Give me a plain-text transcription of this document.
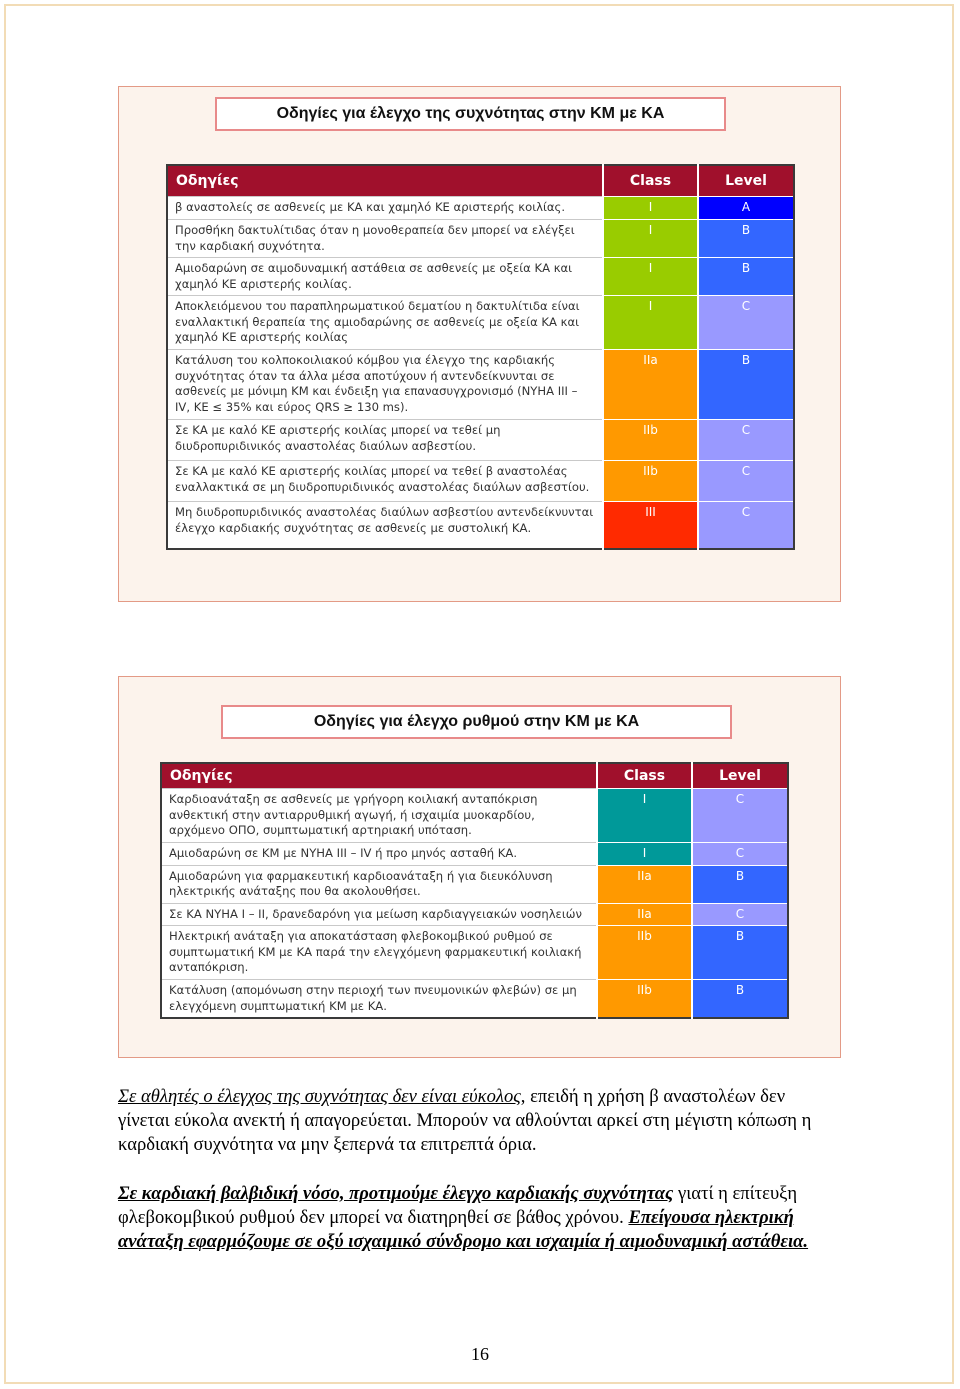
Οδηγίες για έλεγχο της συχνότητας στην ΚΜ με ΚΑ
Οδηγίες	Class	Level
β αναστολείς σε ασθενείς με ΚΑ και χαμηλό ΚΕ αριστερής κοιλίας.	I	A
Προσθήκη δακτυλίτιδας όταν η μονοθεραπεία δεν μπορεί να ελέγξει την καρδιακή συχνότητα.	I	B
Αμιοδαρώνη σε αιμοδυναμική αστάθεια σε ασθενείς με οξεία ΚΑ και χαμηλό ΚΕ αριστερής κοιλίας.	I	B
Αποκλειόμενου του παραπληρωματικού δεματίου η δακτυλίτιδα είναι εναλλακτική θεραπεία της αμιοδαρώνης σε ασθενείς με οξεία ΚΑ και χαμηλό ΚΕ αριστερής κοιλίας	I	C
Κατάλυση του κολποκοιλιακού κόμβου για έλεγχο της καρδιακής συχνότητας όταν τα άλλα μέσα αποτύχουν ή αντενδείκνυνται σε ασθενείς με μόνιμη ΚΜ και ένδειξη για επανασυγχρονισμό (NYHA III – IV, KE ≤ 35% και εύρος QRS ≥ 130 ms).	IIa	B
Σε ΚΑ με καλό ΚΕ αριστερής κοιλίας μπορεί να τεθεί μη διυδροπυριδινικός αναστολέας διαύλων ασβεστίου.	IIb	C
Σε ΚΑ με καλό ΚΕ αριστερής κοιλίας μπορεί να τεθεί β αναστολέας εναλλακτικά σε μη διυδροπυριδινικός αναστολέας διαύλων ασβεστίου.	IIb	C
Μη διυδροπυριδινικός αναστολέας διαύλων ασβεστίου αντενδείκνυνται έλεγχο καρδιακής συχνότητας σε ασθενείς με συστολική ΚΑ.	III	C
Οδηγίες για έλεγχο ρυθμού στην ΚΜ με ΚΑ
Οδηγίες	Class	Level
Καρδιοανάταξη σε ασθενείς με γρήγορη κοιλιακή ανταπόκριση ανθεκτική στην αντιαρρυθμική αγωγή, ή ισχαιμία μυοκαρδίου, αρχόμενο ΟΠΟ, συμπτωματική αρτηριακή υπόταση.	I	C
Αμιοδαρώνη σε ΚΜ με NYHA III – IV ή προ μηνός ασταθή ΚΑ.	I	C
Αμιοδαρώνη για φαρμακευτική καρδιοανάταξη ή για διευκόλυνση ηλεκτρικής ανάταξης που θα ακολουθήσει.	IIa	B
Σε ΚΑ NYHA I – II, δρανεδαρόνη για μείωση καρδιαγγειακών νοσηλειών	IIa	C
Ηλεκτρική ανάταξη για αποκατάσταση φλεβοκομβικού ρυθμού σε συμπτωματική ΚΜ με ΚΑ παρά την ελεγχόμενη φαρμακευτική κοιλιακή ανταπόκριση.	IIb	B
Κατάλυση (απομόνωση στην περιοχή των πνευμονικών φλεβών) σε μη ελεγχόμενη συμπτωματική ΚΜ με ΚΑ.	IIb	B
Σε αθλητές ο έλεγχος της συχνότητας δεν είναι εύκολος, επειδή η χρήση β αναστολέων δεν γίνεται εύκολα ανεκτή ή απαγορεύεται. Μπορούν να αθλούνται αρκεί στη μέγιστη κόπωση η καρδιακή συχνότητα να μην ξεπερνά τα επιτρεπτά όρια.
Σε καρδιακή βαλβιδική νόσο, προτιμούμε έλεγχο καρδιακής συχνότητας γιατί η επίτευξη φλεβοκομβικού ρυθμού δεν μπορεί να διατηρηθεί σε βάθος χρόνου. Επείγουσα ηλεκτρική ανάταξη εφαρμόζουμε σε οξύ ισχαιμικό σύνδρομο και ισχαιμία ή αιμοδυναμική αστάθεια.
16
